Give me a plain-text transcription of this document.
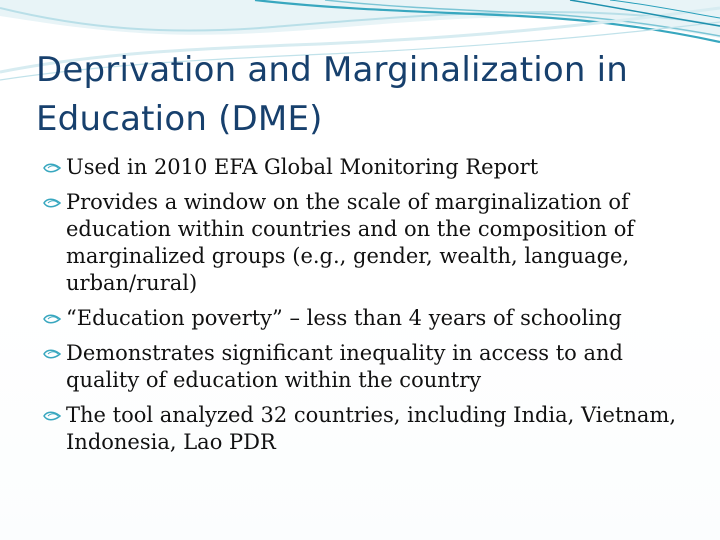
Deprivation and Marginalization in
Education (DME)
Used in 2010 EFA Global Monitoring Report
Provides a window on the scale of marginalization of education within countries and on the composition of marginalized groups (e.g., gender, wealth, language, urban/rural)
“Education poverty” – less than 4 years of schooling
Demonstrates significant inequality in access to and quality of education within the country
The tool analyzed 32 countries, including India, Vietnam, Indonesia, Lao PDR
